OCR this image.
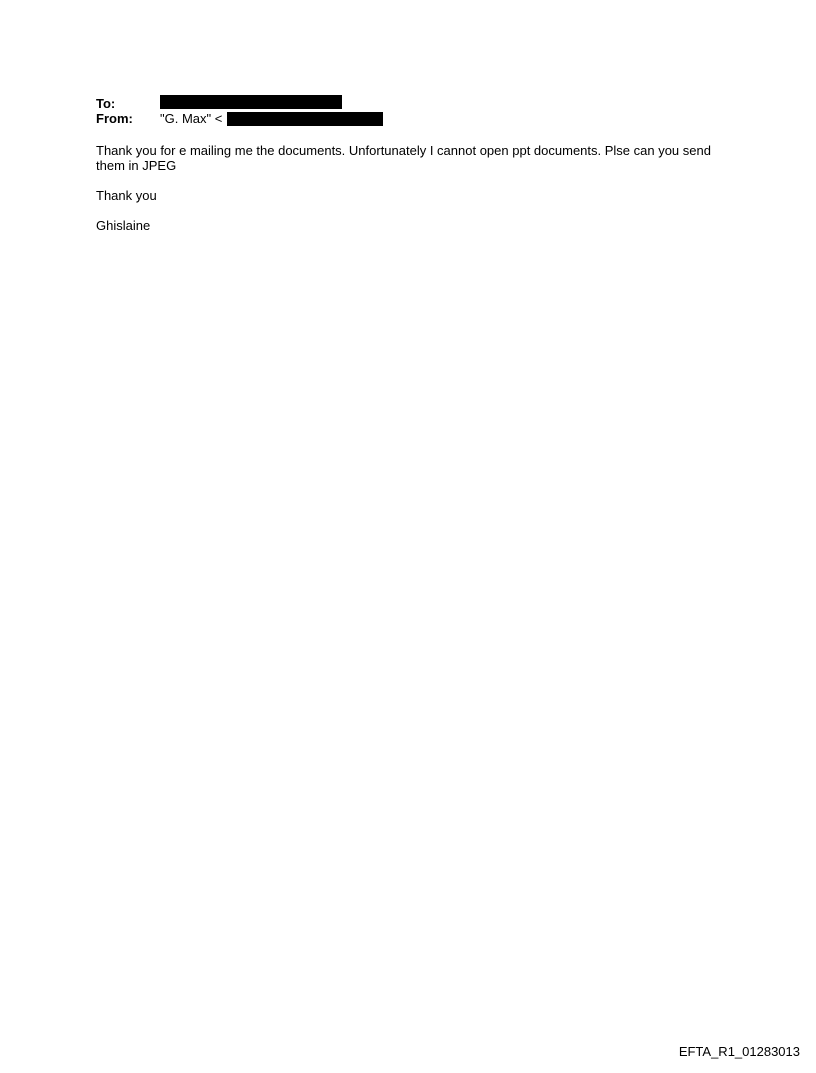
To:
From: "G. Max" <

Thank you for e mailing me the documents. Unfortunately I cannot open ppt documents. Plse can you send them in JPEG

Thank you

Ghislaine

EFTA_R1_01283013
